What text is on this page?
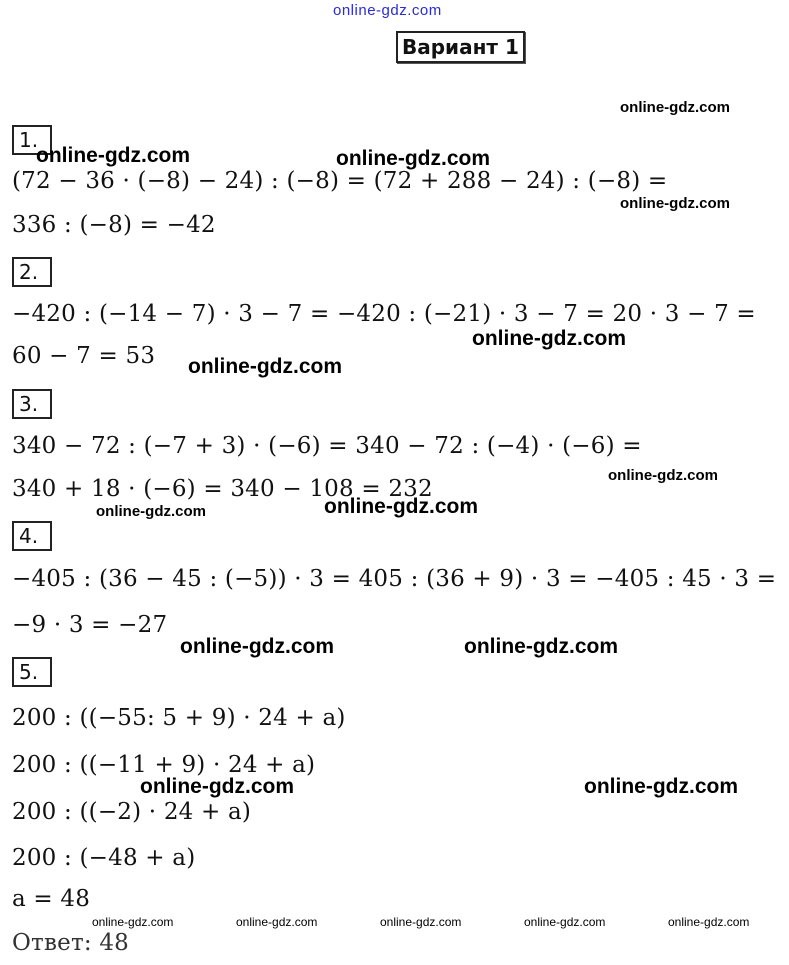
online-gdz.com
Вариант 1
1.
(72 − 36 · (−8) − 24) : (−8) = (72 + 288 − 24) : (−8) =
336 : (−8) = −42
2.
−420 : (−14 − 7) · 3 − 7 = −420 : (−21) · 3 − 7 = 20 · 3 − 7 =
60 − 7 = 53
3.
340 − 72 : (−7 + 3) · (−6) = 340 − 72 : (−4) · (−6) =
340 + 18 · (−6) = 340 − 108 = 232
4.
−405 : (36 − 45 : (−5)) · 3 = 405 : (36 + 9) · 3 = −405 : 45 · 3 =
−9 · 3 = −27
5.
200 : ((−55: 5 + 9) · 24 + a)
200 : ((−11 + 9) · 24 + a)
200 : ((−2) · 24 + a)
200 : (−48 + a)
a = 48
Ответ: 48
online-gdz.com
online-gdz.com	online-gdz.com
online-gdz.com
online-gdz.com
online-gdz.com
online-gdz.com
online-gdz.com
online-gdz.com
online-gdz.com	online-gdz.com
online-gdz.com	online-gdz.com
online-gdz.com	online-gdz.com	online-gdz.com	online-gdz.com	online-gdz.com
